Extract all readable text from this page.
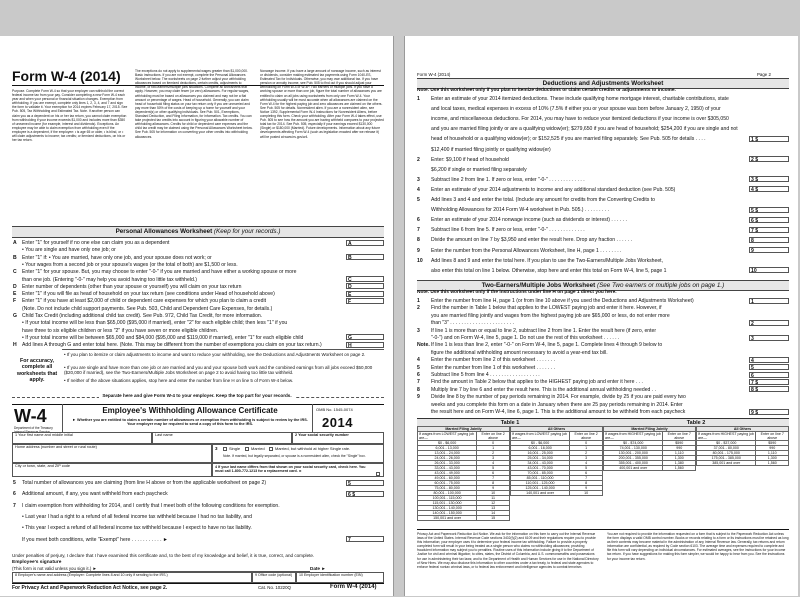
Form W-4 (2014)
Purpose. Complete Form W-4 so that your employer can withhold the correct federal income tax from your pay. Consider completing a new Form W-4 each year and when your personal or financial situation changes. Exemption from withholding. If you are exempt, complete only lines 1, 2, 3, 4, and 7 and sign the form to validate it. Your exemption for 2014 expires February 17, 2015. See Pub. 505, Tax Withholding and Estimated Tax. Note. If another person can claim you as a dependent on his or her tax return, you cannot claim exemption from withholding if your income exceeds $1,000 and includes more than $350 of unearned income (for example, interest and dividends). Exceptions. An employee may be able to claim exemption from withholding even if the employee is a dependent, if the employee: • is age 65 or older, • is blind, or • will claim adjustments to income; tax credits; or itemized deductions, on his or her tax return.
The exceptions do not apply to supplemental wages greater than $1,000,000. Basic instructions. If you are not exempt, complete the Personal Allowances Worksheet below. The worksheets on page 2 further adjust your withholding allowances based on itemized deductions, certain credits, adjustments to income, or two-earners/multiple jobs situations. Complete all worksheets that apply. However, you may claim fewer (or zero) allowances. For regular wages, withholding must be based on allowances you claimed and may not be a flat amount or percentage of wages. Head of household. Generally, you can claim head of household filing status on your tax return only if you are unmarried and pay more than 50% of the costs of keeping up a home for yourself and your dependent(s) or other qualifying individuals. See Pub. 501, Exemptions, Standard Deduction, and Filing Information, for information. Tax credits. You can take projected tax credits into account in figuring your allowable number of withholding allowances. Credits for child or dependent care expenses and the child tax credit may be claimed using the Personal Allowances Worksheet below. See Pub. 505 for information on converting your other credits into withholding allowances.
Nonwage income. If you have a large amount of nonwage income, such as interest or dividends, consider making estimated tax payments using Form 1040-ES, Estimated Tax for Individuals. Otherwise, you may owe additional tax. If you have pension or annuity income, see Pub. 505 to find out if you should adjust your withholding on Form W-4 or W-4P. Two earners or multiple jobs. If you have a working spouse or more than one job, figure the total number of allowances you are entitled to claim on all jobs using worksheets from only one Form W-4. Your withholding usually will be most accurate when all allowances are claimed on the Form W-4 for the highest paying job and zero allowances are claimed on the others. See Pub. 505 for details. Nonresident alien. If you are a nonresident alien, see Notice 1392, Supplemental Form W-4 Instructions for Nonresident Aliens, before completing this form. Check your withholding. After your Form W-4 takes effect, use Pub. 505 to see how the amount you are having withheld compares to your projected total tax for 2014. See Pub. 505, especially if your earnings exceed $130,000 (Single) or $180,000 (Married). Future developments. Information about any future developments affecting Form W-4 (such as legislation enacted after we release it) will be posted at www.irs.gov/w4.
Personal Allowances Worksheet (Keep for your records.)
A Enter "1" for yourself if no one else can claim you as a dependent	A
• You are single and have only one job; or
B Enter "1" if: • You are married, have only one job, and your spouse does not work; or	B
• Your wages from a second job or your spouse's wages (or the total of both) are $1,500 or less.
C Enter "1" for your spouse. But, you may choose to enter "-0-" if you are married and have either a working spouse or more
than one job. (Entering "-0-" may help you avoid having too little tax withheld.)	C
D Enter number of dependents (other than your spouse or yourself) you will claim on your tax return	D
E Enter "1" if you will file as head of household on your tax return (see conditions under Head of household above)	E
F Enter "1" if you have at least $2,000 of child or dependent care expenses for which you plan to claim a credit	F
(Note. Do not include child support payments. See Pub. 503, Child and Dependent Care Expenses, for details.)
G Child Tax Credit (including additional child tax credit). See Pub. 972, Child Tax Credit, for more information.
• If your total income will be less than $65,000 ($95,000 if married), enter "2" for each eligible child; then less "1" if you
have three to six eligible children or less "2" if you have seven or more eligible children.
• If your total income will be between $65,000 and $84,000 ($95,000 and $119,000 if married), enter "1" for each eligible child	G
H Add lines A through G and enter total here. (Note. This may be different from the number of exemptions you claim on your tax return.)	H
For accuracy, complete all worksheets that apply.
• If you plan to itemize or claim adjustments to income and want to reduce your withholding, see the Deductions and Adjustments Worksheet on page 2.
• If you are single and have more than one job or are married and you and your spouse both work and the combined earnings from all jobs exceed $50,000 ($20,000 if married), see the Two-Earners/Multiple Jobs Worksheet on page 2 to avoid having too little tax withheld.
• If neither of the above situations applies, stop here and enter the number from line H on line 5 of Form W-4 below.
Separate here and give Form W-4 to your employer. Keep the top part for your records.
W-4
Department of the Treasury Internal Revenue Service
Employee's Withholding Allowance Certificate
► Whether you are entitled to claim a certain number of allowances or exemption from withholding is subject to review by the IRS. Your employer may be required to send a copy of this form to the IRS.
OMB No. 1545-0074
2014
1 Your first name and middle initial	Last name	2 Your social security number
Home address (number and street or rural route)	3	Single	Married	Married, but withhold at higher Single rate.
Note. If married, but legally separated, or spouse is a nonresident alien, check the "Single" box.
City or town, state, and ZIP code	4 If your last name differs from that shown on your social security card, check here. You must call 1-800-772-1213 for a replacement card. ►
5 Total number of allowances you are claiming (from line H above or from the applicable worksheet on page 2)	5
6 Additional amount, if any, you want withheld from each paycheck	6 $
7 I claim exemption from withholding for 2014, and I certify that I meet both of the following conditions for exemption.
• Last year I had a right to a refund of all federal income tax withheld because I had no tax liability, and
• This year I expect a refund of all federal income tax withheld because I expect to have no tax liability.
If you meet both conditions, write "Exempt" here . . . . . . . . . . . ►	7
Under penalties of perjury, I declare that I have examined this certificate and, to the best of my knowledge and belief, it is true, correct, and complete.
Employee's signature
(This form is not valid unless you sign it.) ►	Date ►
8 Employer's name and address (Employer: Complete lines 8 and 10 only if sending to the IRS.)	9 Office code (optional) 10 Employer identification number (EIN)
For Privacy Act and Paperwork Reduction Act Notice, see page 2.	Cat. No. 10220Q	Form W-4 (2014)
Form W-4 (2014)	Page 2
Deductions and Adjustments Worksheet
Note. Use this worksheet only if you plan to itemize deductions or claim certain credits or adjustments to income.
1 Enter an estimate of your 2014 itemized deductions. These include qualifying home mortgage interest, charitable contributions, state
and local taxes, medical expenses in excess of 10% (7.5% if either you or your spouse was born before January 2, 1950) of your
income, and miscellaneous deductions. For 2014, you may have to reduce your itemized deductions if your income is over $305,050
and you are married filing jointly or are a qualifying widow(er); $279,650 if you are head of household; $254,200 if you are single and not
head of household or a qualifying widow(er); or $152,525 if you are married filing separately. See Pub. 505 for details . . . .	1 $
$12,400 if married filing jointly or qualifying widow(er)
2 Enter: $9,100 if head of household	2 $
$6,200 if single or married filing separately
3 Subtract line 2 from line 1. If zero or less, enter "-0-" . . . . . . . . . . . . .	3 $
4 Enter an estimate of your 2014 adjustments to income and any additional standard deduction (see Pub. 505)	4 $
5 Add lines 3 and 4 and enter the total. (Include any amount for credits from the Converting Credits to
Withholding Allowances for 2014 Form W-4 worksheet in Pub. 505.) . . . . . . . . .	5 $
6 Enter an estimate of your 2014 nonwage income (such as dividends or interest) . . . . . .	6 $
7 Subtract line 6 from line 5. If zero or less, enter "-0-" . . . . . . . . . . . . .	7 $
8 Divide the amount on line 7 by $3,950 and enter the result here. Drop any fraction . . . . . .	8
9 Enter the number from the Personal Allowances Worksheet, line H, page 1 . . . . . . . .	9
10 Add lines 8 and 9 and enter the total here. If you plan to use the Two-Earners/Multiple Jobs Worksheet,
also enter this total on line 1 below. Otherwise, stop here and enter this total on Form W-4, line 5, page 1	10
Two-Earners/Multiple Jobs Worksheet (See Two earners or multiple jobs on page 1.)
Note. Use this worksheet only if the instructions under line H on page 1 direct you here.
1 Enter the number from line H, page 1 (or from line 10 above if you used the Deductions and Adjustments Worksheet)	1
2 Find the number in Table 1 below that applies to the LOWEST paying job and enter it here. However, if
you are married filing jointly and wages from the highest paying job are $65,000 or less, do not enter more
than "3" . . . . . . . . . . . . . . . . . . . . . . .	2
3 If line 1 is more than or equal to line 2, subtract line 2 from line 1. Enter the result here (if zero, enter
"-0-") and on Form W-4, line 5, page 1. Do not use the rest of this worksheet . . . . . .	3
Note. If line 1 is less than line 2, enter "-0-" on Form W-4, line 5, page 1. Complete lines 4 through 9 below to
figure the additional withholding amount necessary to avoid a year-end tax bill.
4 Enter the number from line 2 of this worksheet . . . . . . .	4
5 Enter the number from line 1 of this worksheet . . . . . . .	5
6 Subtract line 5 from line 4 . . . . . . . . . . . . . . . . . .	6
7 Find the amount in Table 2 below that applies to the HIGHEST paying job and enter it here . . .	7 $
8 Multiply line 7 by line 6 and enter the result here. This is the additional annual withholding needed . .	8 $
9 Divide line 8 by the number of pay periods remaining in 2014. For example, divide by 25 if you are paid every two
weeks and you complete this form on a date in January when there are 25 pay periods remaining in 2014. Enter
the result here and on Form W-4, line 6, page 1. This is the additional amount to be withheld from each paycheck	9 $
Table 1	Table 2
Married Filing Jointly	
If wages from LOWEST paying job are—	Enter on line 2 above
$0 - $6,000	0
6,001 - 13,000	1
13,001 - 24,000	2
24,001 - 26,000	3
26,001 - 33,000	4
33,001 - 43,000	5
43,001 - 49,000	6
49,001 - 60,000	7
60,001 - 75,000	8
75,001 - 80,000	9
80,001 - 100,000	10
100,001 - 115,000	11
115,001 - 130,000	12
130,001 - 140,000	13
140,001 - 150,000	14
150,001 and over	15
All Others	
If wages from LOWEST paying job are—	Enter on line 2 above
$0 - $6,000	0
6,001 - 16,000	1
16,001 - 25,000	2
25,001 - 34,000	3
34,001 - 43,000	4
43,001 - 70,000	5
70,001 - 85,000	6
85,001 - 110,000	7
110,001 - 125,000	8
125,001 - 140,000	9
140,001 and over	10
Married Filing Jointly	
If wages from HIGHEST paying job are—	Enter on line 7 above
$0 - $74,000	$590
74,001 - 130,000	990
130,001 - 200,000	1,110
200,001 - 355,000	1,300
355,001 - 400,000	1,380
400,001 and over	1,560
All Others	
If wages from HIGHEST paying job are—	Enter on line 7 above
$0 - $37,000	$590
37,001 - 80,000	990
80,001 - 175,000	1,110
175,001 - 385,000	1,300
385,001 and over	1,560
Privacy Act and Paperwork Reduction Act Notice. We ask for the information on this form to carry out the Internal Revenue laws of the United States. Internal Revenue Code sections 3402(f)(2) and 6109 and their regulations require you to provide this information; your employer uses it to determine your federal income tax withholding. Failure to provide a properly completed form will result in your being treated as a single person who claims no withholding allowances; providing fraudulent information may subject you to penalties. Routine uses of this information include giving it to the Department of Justice for civil and criminal litigation; to cities, states, the District of Columbia, and U.S. commonwealths and possessions for use in administering their tax laws; and to the Department of Health and Human Services for use in the National Directory of New Hires. We may also disclose this information to other countries under a tax treaty, to federal and state agencies to enforce federal nontax criminal laws, or to federal law enforcement and intelligence agencies to combat terrorism.
You are not required to provide the information requested on a form that is subject to the Paperwork Reduction Act unless the form displays a valid OMB control number. Books or records relating to a form or its instructions must be retained as long as their contents may become material in the administration of any Internal Revenue law. Generally, tax returns and return information are confidential, as required by Code section 6103. The average time and expenses required to complete and file this form will vary depending on individual circumstances. For estimated averages, see the instructions for your income tax return. If you have suggestions for making this form simpler, we would be happy to hear from you. See the instructions for your income tax return.
